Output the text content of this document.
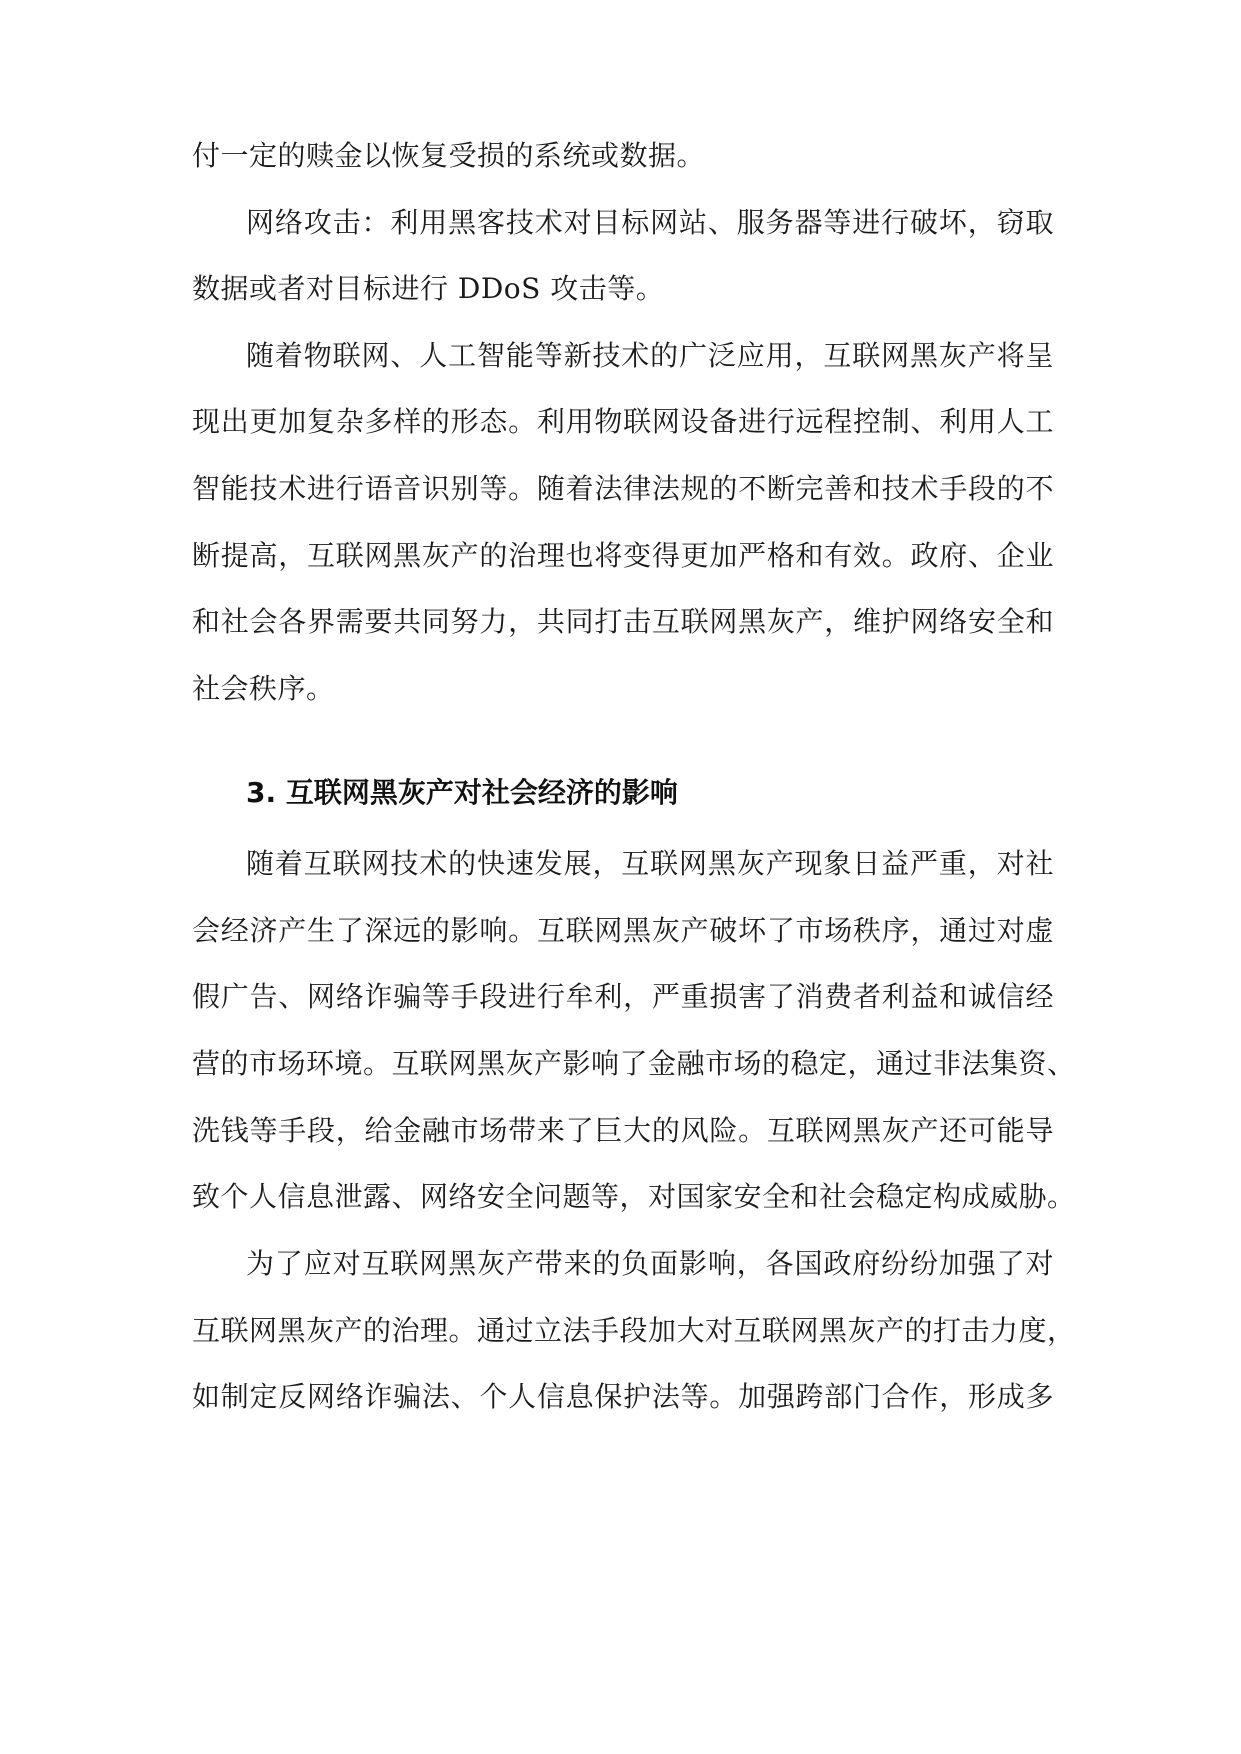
付一定的赎金以恢复受损的系统或数据。
网络攻击：利用黑客技术对目标网站、服务器等进行破坏，窃取
数据或者对目标进行 DDoS 攻击等。
随着物联网、人工智能等新技术的广泛应用，互联网黑灰产将呈
现出更加复杂多样的形态。利用物联网设备进行远程控制、利用人工
智能技术进行语音识别等。随着法律法规的不断完善和技术手段的不
断提高，互联网黑灰产的治理也将变得更加严格和有效。政府、企业
和社会各界需要共同努力，共同打击互联网黑灰产，维护网络安全和
社会秩序。
随着互联网技术的快速发展，互联网黑灰产现象日益严重，对社
会经济产生了深远的影响。互联网黑灰产破坏了市场秩序，通过对虚
假广告、网络诈骗等手段进行牟利，严重损害了消费者利益和诚信经
营的市场环境。互联网黑灰产影响了金融市场的稳定，通过非法集资、
洗钱等手段，给金融市场带来了巨大的风险。互联网黑灰产还可能导
致个人信息泄露、网络安全问题等，对国家安全和社会稳定构成威胁。
为了应对互联网黑灰产带来的负面影响，各国政府纷纷加强了对
互联网黑灰产的治理。通过立法手段加大对互联网黑灰产的打击力度，
如制定反网络诈骗法、个人信息保护法等。加强跨部门合作，形成多
3. 互联网黑灰产对社会经济的影响
